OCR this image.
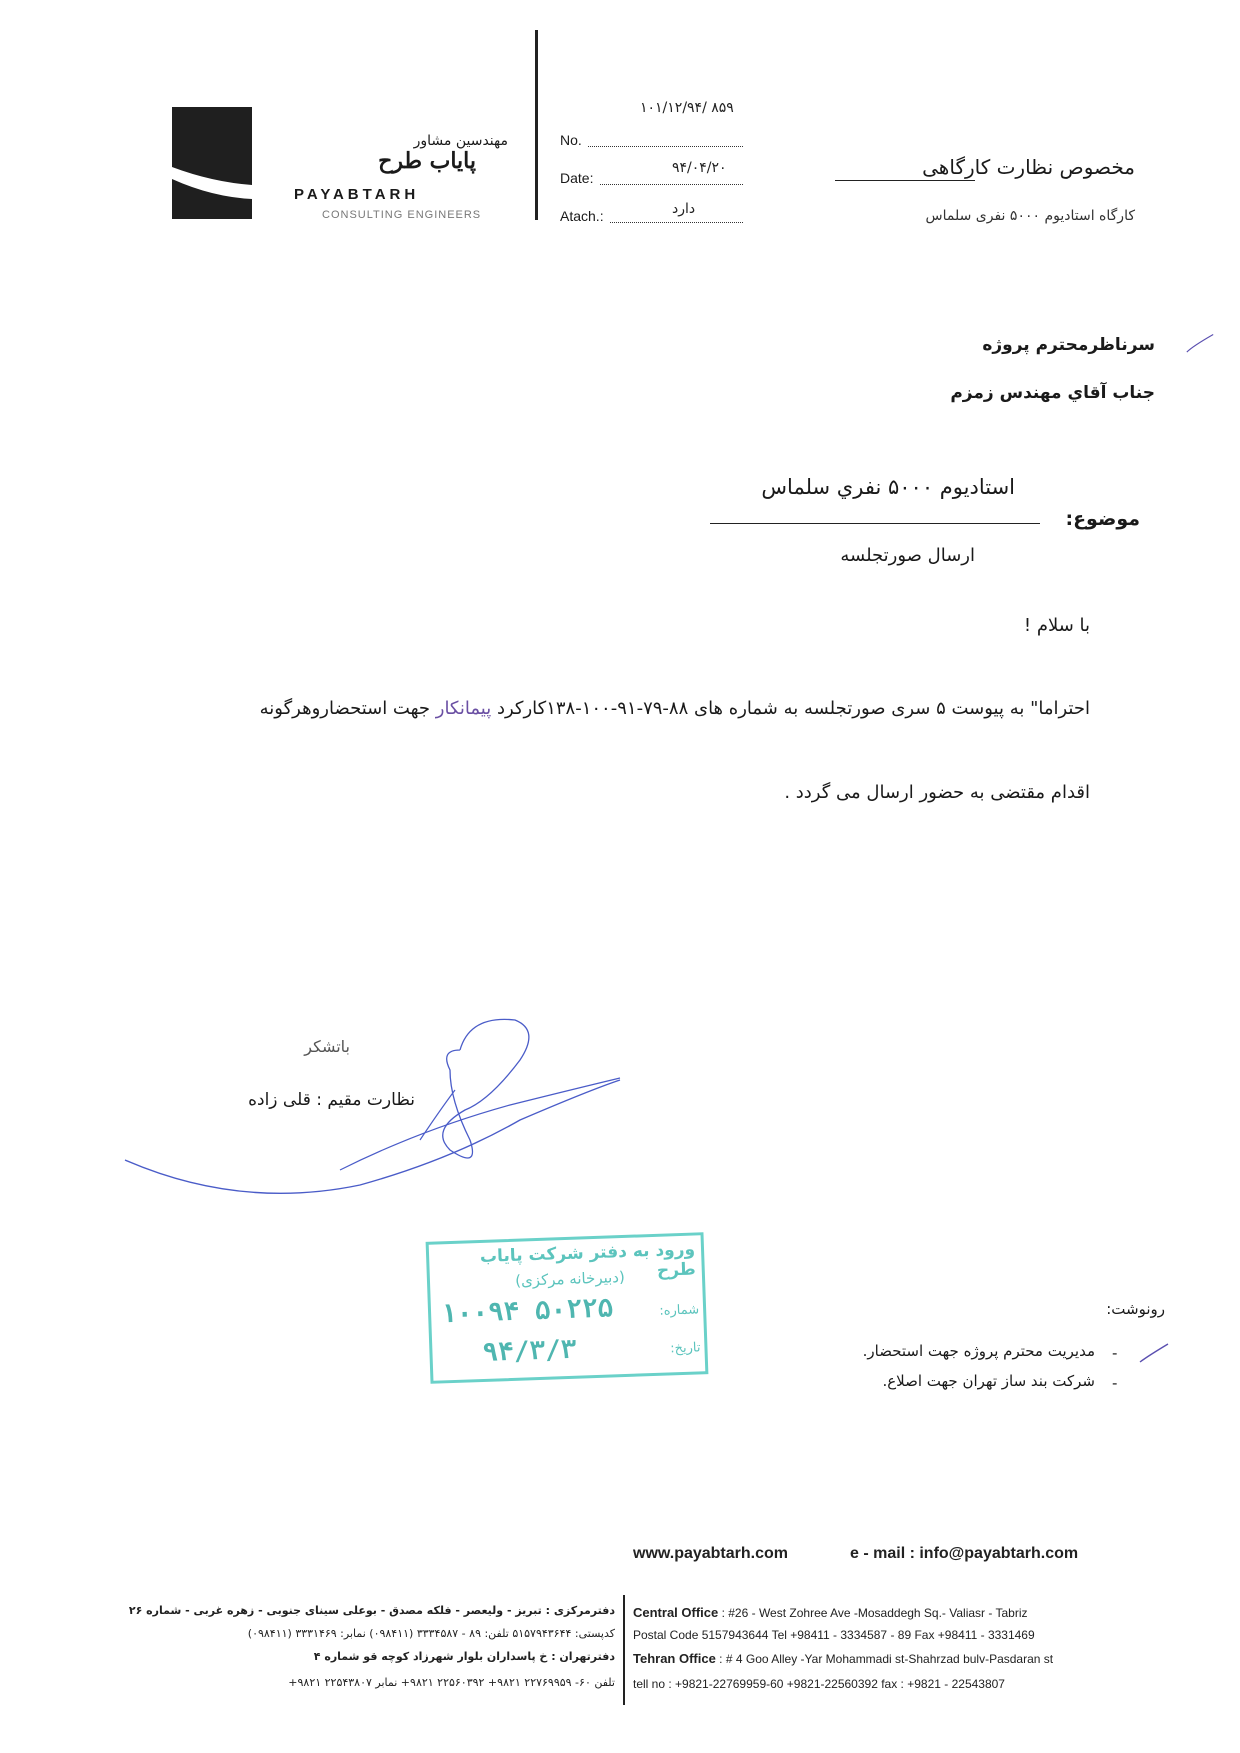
مهندسین مشاور
پایاب طرح
PAYABTARH
CONSULTING ENGINEERS
۱۰۱/۱۲/۹۴/ ۸۵۹
No.
Date:
۹۴/۰۴/۲۰
Atach.:	دارد
مخصوص نظارت کارگاهی
کارگاه استادیوم ۵۰۰۰ نفری سلماس
سرناظرمحترم پروژه
جناب آقاي مهندس زمزم
استاديوم ۵۰۰۰ نفري سلماس
موضوع:
ارسال صورتجلسه
با سلام !
احتراما" به پیوست ۵ سری صورتجلسه به شماره های ۸۸-۷۹-۹۱-۱۰۰-۱۳۸کارکرد پیمانکار جهت استحضاروهرگونه
اقدام مقتضی به حضور ارسال می گردد .
باتشکر
نظارت مقیم : قلی زاده
ورود به دفتر شرکت پایاب طرح
(دبیرخانه مرکزی)
شماره:
۱۰۰۹۴ ۵۰۲۲۵
تاریخ:
۹۴/۳/۳
رونوشت:
-
مدیریت محترم پروژه جهت استحضار.
-
شرکت بند ساز تهران جهت اصلاع.
www.payabtarh.com	e - mail : info@payabtarh.com
Central Office : #26 - West Zohree Ave -Mosaddegh Sq.- Valiasr - Tabriz
Postal Code 5157943644 Tel +98411 - 3334587 - 89 Fax +98411 - 3331469
Tehran Office : # 4 Goo Alley -Yar Mohammadi st-Shahrzad bulv-Pasdaran st
tell no : +9821-22769959-60 +9821-22560392 fax : +9821 - 22543807
دفترمرکزی : تبریز - ولیعصر - فلکه مصدق - بوعلی سینای جنوبی - زهره غربی - شماره ۲۶
کدپستی: ۵۱۵۷۹۴۳۶۴۴ تلفن: ۸۹ - ۳۳۳۴۵۸۷ (۰۹۸۴۱۱) نمابر: ۳۳۳۱۴۶۹ (۰۹۸۴۱۱)
دفترتهران : خ پاسداران بلوار شهرزاد کوچه قو شماره ۴
تلفن ۶۰- ۲۲۷۶۹۹۵۹ ۹۸۲۱+ ۲۲۵۶۰۳۹۲ ۹۸۲۱+ نمابر ۲۲۵۴۳۸۰۷ ۹۸۲۱+
